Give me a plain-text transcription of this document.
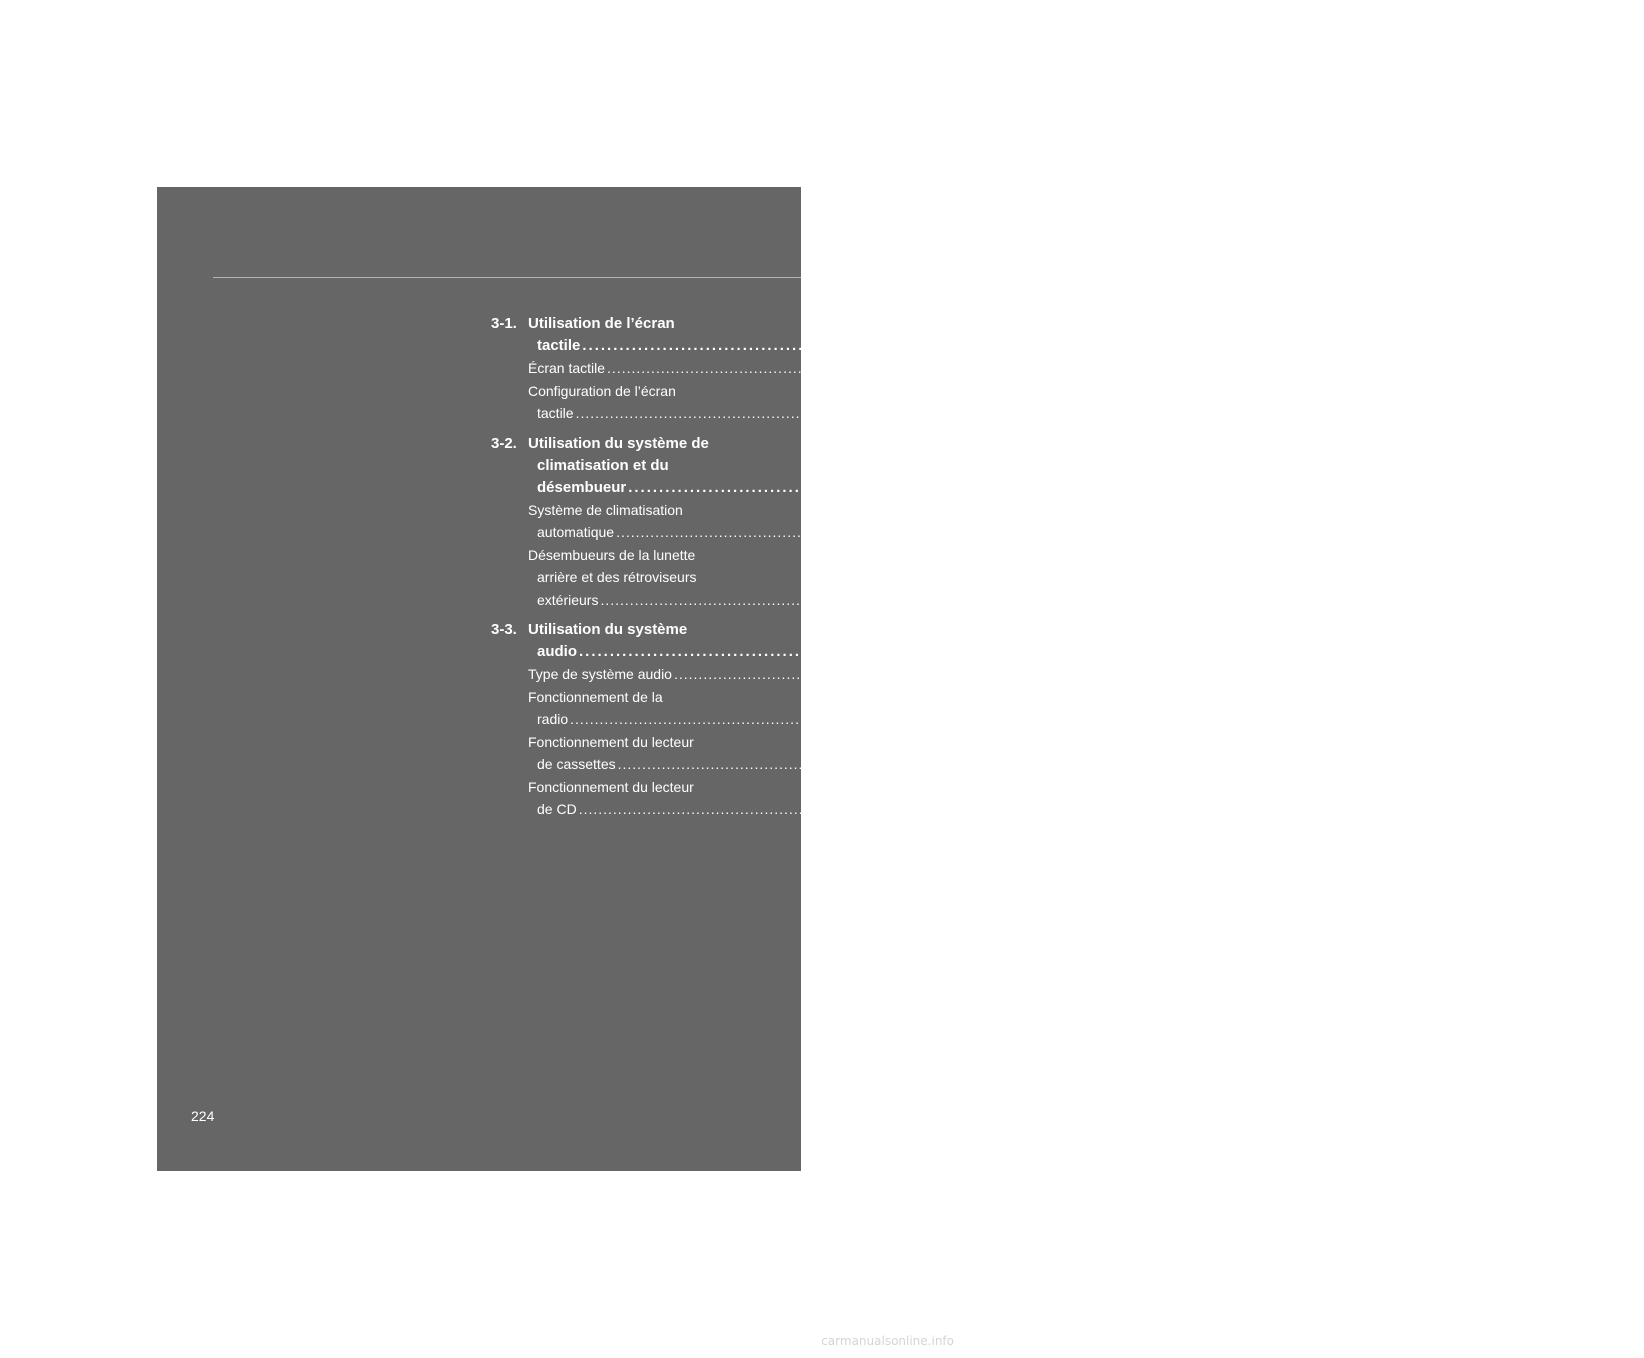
3-1. Utilisation de l’écran
tactile .....	226
Écran tactile .....	226
Configuration de l’écran
tactile .....	229
3-2. Utilisation du système de
climatisation et du
désembueur .....	234
Système de climatisation
automatique .....	234
Désembueurs de la lunette
arrière et des rétroviseurs
extérieurs .....	242
3-3. Utilisation du système
audio .....	243
Type de système audio .....	243
Fonctionnement de la
radio .....	246
Fonctionnement du lecteur
de cassettes .....	255
Fonctionnement du lecteur
de CD .....	259
224
carmanualsonline.info
